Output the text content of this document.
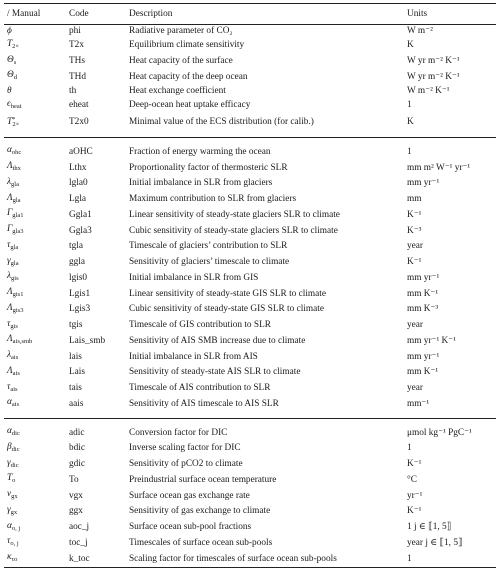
/ Manual	Code	Description	Units
ϕ	phi	Radiative parameter of CO₂	W m⁻²
$T_{2\times}$	T2x	Equilibrium climate sensitivity	K
$\Theta_s$	THs	Heat capacity of the surface	W yr m⁻² K⁻¹
$\Theta_d$	THd	Heat capacity of the deep ocean	W yr m⁻² K⁻¹
θ	th	Heat exchange coefficient	W m⁻² K⁻¹
$\epsilon_{heat}$	eheat	Deep-ocean heat uptake efficacy	1
$T^*_{2\times}$	T2x0	Minimal value of the ECS distribution (for calib.)	K

$\alpha_{ohc}$	aOHC	Fraction of energy warming the ocean	1
$\Lambda_{thx}$	Lthx	Proportionality factor of thermosteric SLR	mm m² W⁻¹ yr⁻¹
$\lambda_{gla}$	lgla0	Initial imbalance in SLR from glaciers	mm yr⁻¹
$\Lambda_{gla}$	Lgla	Maximum contribution to SLR from glaciers	mm
$\Gamma_{gla1}$	Ggla1	Linear sensitivity of steady-state glaciers SLR to climate	K⁻¹
$\Gamma_{gla3}$	Ggla3	Cubic sensitivity of steady-state glaciers SLR to climate	K⁻³
$\tau_{gla}$	tgla	Timescale of glaciers’ contribution to SLR	year
$\gamma_{gla}$	ggla	Sensitivity of glaciers’ timescale to climate	K⁻¹
$\lambda_{gis}$	lgis0	Initial imbalance in SLR from GIS	mm yr⁻¹
$\Lambda_{gis1}$	Lgis1	Linear sensitivity of steady-state GIS SLR to climate	mm K⁻¹
$\Lambda_{gis3}$	Lgis3	Cubic sensitivity of steady-state GIS SLR to climate	mm K⁻³
$\tau_{gis}$	tgis	Timescale of GIS contribution to SLR	year
$\Lambda_{ais,smb}$	Lais_smb	Sensitivity of AIS SMB increase due to climate	mm yr⁻¹ K⁻¹
$\lambda_{ais}$	lais	Initial imbalance in SLR from AIS	mm yr⁻¹
$\Lambda_{ais}$	Lais	Sensitivity of steady-state AIS SLR to climate	mm K⁻¹
$\tau_{ais}$	tais	Timescale of AIS contribution to SLR	year
$\alpha_{ais}$	aais	Sensitivity of AIS timescale to AIS SLR	mm⁻¹

$\alpha_{dic}$	adic	Conversion factor for DIC	μmol kg⁻¹ PgC⁻¹
$\beta_{dic}$	bdic	Inverse scaling factor for DIC	1
$\gamma_{dic}$	gdic	Sensitivity of pCO2 to climate	K⁻¹
$T_o$	To	Preindustrial surface ocean temperature	°C
$\nu_{gx}$	vgx	Surface ocean gas exchange rate	yr⁻¹
$\gamma_{gx}$	ggx	Sensitivity of gas exchange to climate	K⁻¹
$\alpha_{o, j}$	aoc_j	Surface ocean sub-pool fractions	1 j ∈ ⟦1, 5⟧
$\tau_{o, j}$	toc_j	Timescales of surface ocean sub-pools	year j ∈ ⟦1, 5⟧
$\kappa_{\tau o}$	k_toc	Scaling factor for timescales of surface ocean sub-pools	1
